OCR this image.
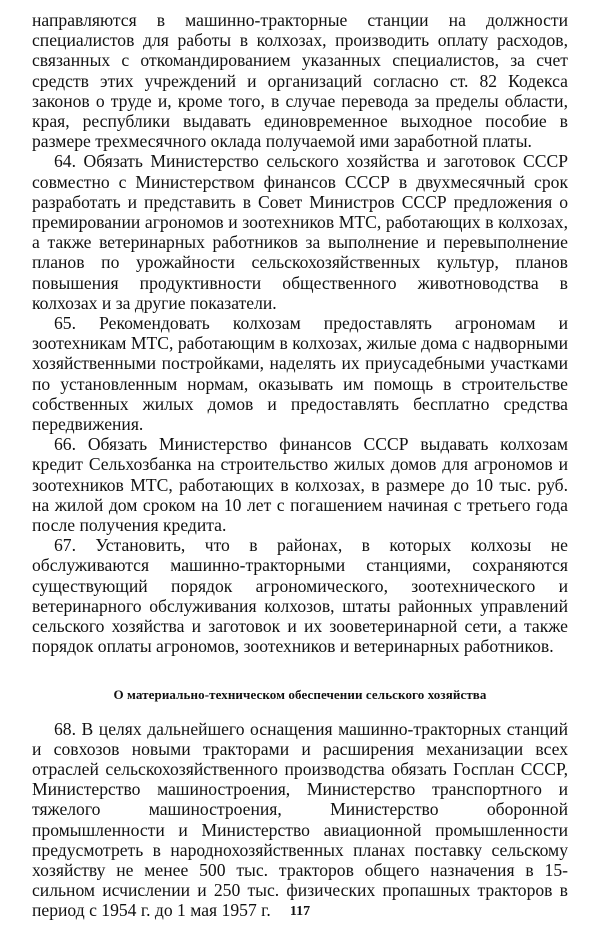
направляются в машинно-тракторные станции на должности специалистов для работы в колхозах, производить оплату расходов, связанных с откомандированием указанных специалистов, за счет средств этих учреждений и организаций согласно ст. 82 Кодекса законов о труде и, кроме того, в случае перевода за пределы области, края, республики выдавать единовременное выходное пособие в размере трехмесячного оклада получаемой ими заработной платы.

64. Обязать Министерство сельского хозяйства и заготовок СССР совместно с Министерством финансов СССР в двухмесячный срок разработать и представить в Совет Министров СССР предложения о премировании агрономов и зоотехников МТС, работающих в колхозах, а также ветеринарных работников за выполнение и перевыполнение планов по урожайности сельскохозяйственных культур, планов повышения продуктивности общественного животноводства в колхозах и за другие показатели.

65. Рекомендовать колхозам предоставлять агрономам и зоотехникам МТС, работающим в колхозах, жилые дома с надворными хозяйственными постройками, наделять их приусадебными участками по установленным нормам, оказывать им помощь в строительстве собственных жилых домов и предоставлять бесплатно средства передвижения.

66. Обязать Министерство финансов СССР выдавать колхозам кредит Сельхозбанка на строительство жилых домов для агрономов и зоотехников МТС, работающих в колхозах, в размере до 10 тыс. руб. на жилой дом сроком на 10 лет с погашением начиная с третьего года после получения кредита.

67. Установить, что в районах, в которых колхозы не обслуживаются машинно-тракторными станциями, сохраняются существующий порядок агрономического, зоотехнического и ветеринарного обслуживания колхозов, штаты районных управлений сельского хозяйства и заготовок и их зооветеринарной сети, а также порядок оплаты агрономов, зоотехников и ветеринарных работников.

О материально-техническом обеспечении сельского хозяйства

68. В целях дальнейшего оснащения машинно-тракторных станций и совхозов новыми тракторами и расширения механизации всех отраслей сельскохозяйственного производства обязать Госплан СССР, Министерство машиностроения, Министерство транспортного и тяжелого машиностроения, Министерство оборонной промышленности и Министерство авиационной промышленности предусмотреть в народнохозяйственных планах поставку сельскому хозяйству не менее 500 тыс. тракторов общего назначения в 15-сильном исчислении и 250 тыс. физических пропашных тракторов в период с 1954 г. до 1 мая 1957 г.	117
